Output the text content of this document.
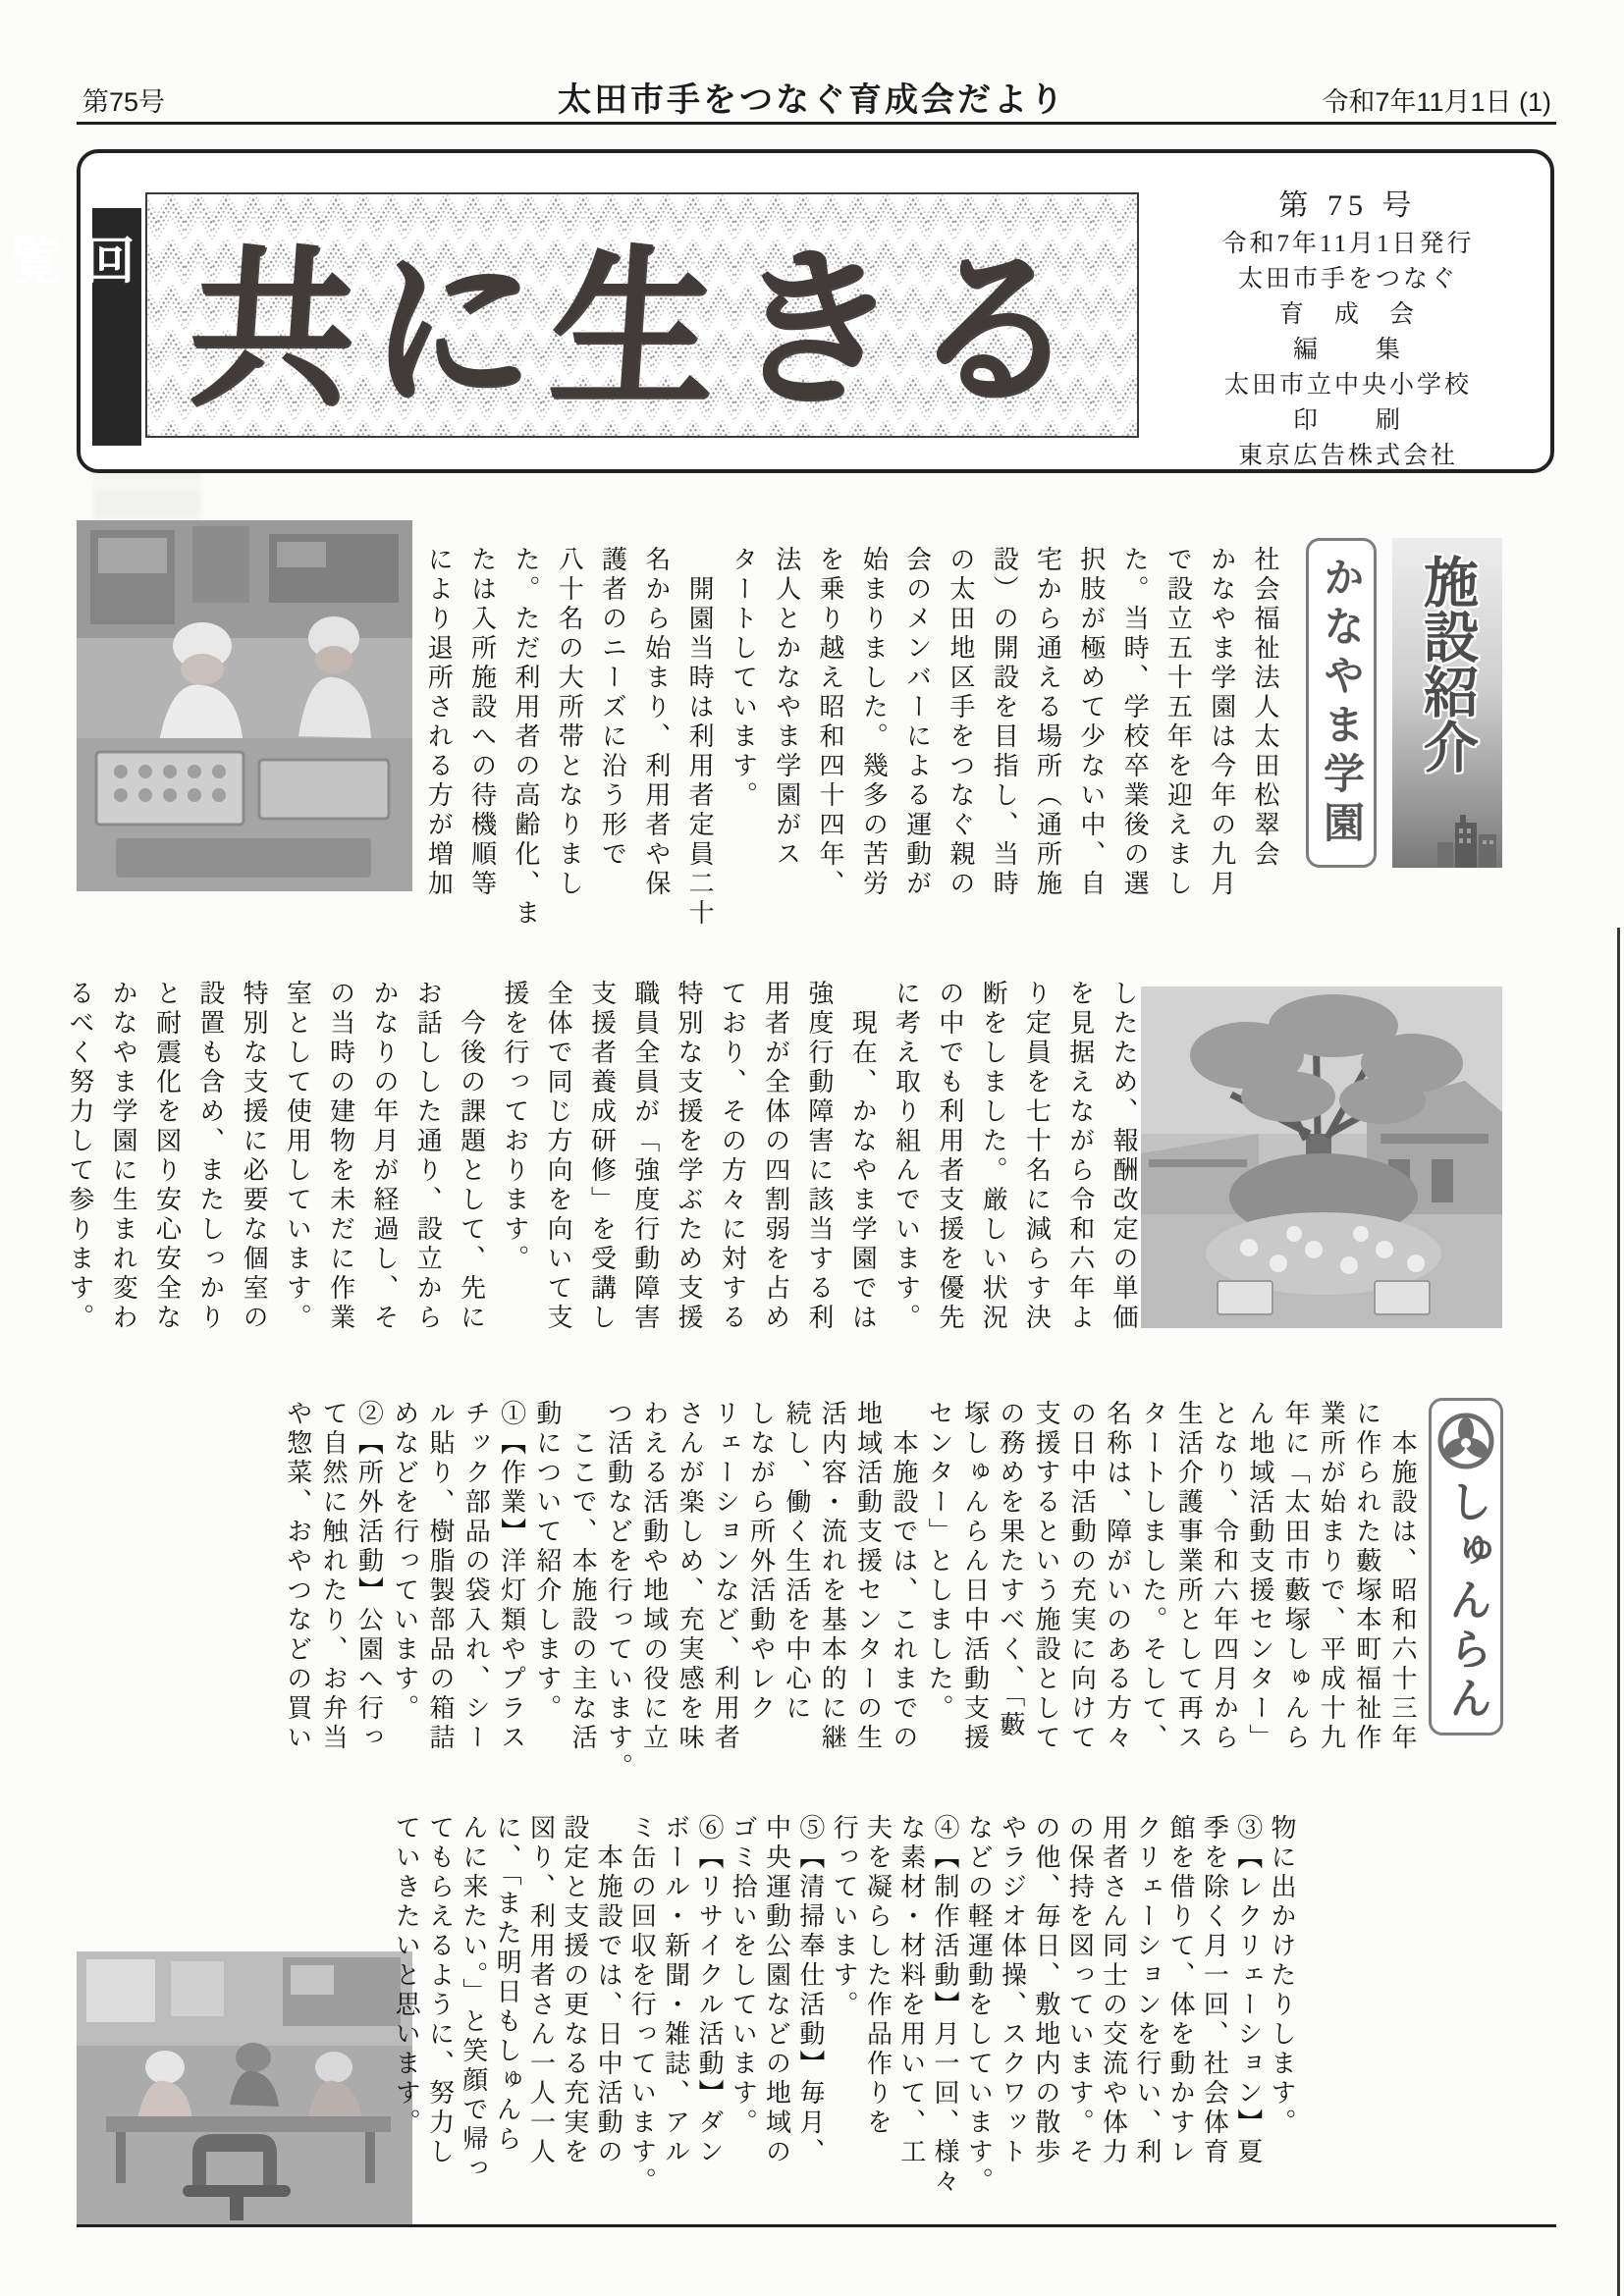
第75号	太田市手をつなぐ育成会だより	令和7年11月1日 (1)
回覧 共に生きる
第 75 号
令和7年11月1日発行
太田市手をつなぐ
育　成　会
編　　集
太田市立中央小学校
印　　刷
東京広告株式会社
施設紹介
かなやま学園
社会福祉法人太田松翠会
かなやま学園は今年の九月
で設立五十五年を迎えまし
た。当時、学校卒業後の選
択肢が極めて少ない中、自
宅から通える場所（通所施
設）の開設を目指し、当時
の太田地区手をつなぐ親の
会のメンバーによる運動が
始まりました。幾多の苦労
を乗り越え昭和四十四年、
法人とかなやま学園がス
タートしています。
　開園当時は利用者定員二十
名から始まり、利用者や保
護者のニーズに沿う形で
八十名の大所帯となりまし
た。ただ利用者の高齢化、ま
たは入所施設への待機順等
により退所される方が増加
したため、報酬改定の単価
を見据えながら令和六年よ
り定員を七十名に減らす決
断をしました。厳しい状況
の中でも利用者支援を優先
に考え取り組んでいます。
　現在、かなやま学園では
強度行動障害に該当する利
用者が全体の四割弱を占め
ており、その方々に対する
特別な支援を学ぶため支援
職員全員が「強度行動障害
支援者養成研修」を受講し
全体で同じ方向を向いて支
援を行っております。
　今後の課題として、先に
お話しした通り、設立から
かなりの年月が経過し、そ
の当時の建物を未だに作業
室として使用しています。
特別な支援に必要な個室の
設置も含め、またしっかり
と耐震化を図り安心安全な
かなやま学園に生まれ変わ
るべく努力して参ります。
しゅんらん
　本施設は、昭和六十三年
に作られた藪塚本町福祉作
業所が始まりで、平成十九
年に「太田市藪塚しゅんら
ん地域活動支援センター」
となり、令和六年四月から
生活介護事業所として再ス
タートしました。そして、
名称は、障がいのある方々
の日中活動の充実に向けて
支援するという施設として
の務めを果たすべく、「藪
塚しゅんらん日中活動支援
センター」としました。
　本施設では、これまでの
地域活動支援センターの生
活内容・流れを基本的に継
続し、働く生活を中心に
しながら所外活動やレク
リェーションなど、利用者
さんが楽しめ、充実感を味
わえる活動や地域の役に立
つ活動などを行っています。
　ここで、本施設の主な活
動について紹介します。
①【作業】洋灯類やプラス
チック部品の袋入れ、シー
ル貼り、樹脂製部品の箱詰
めなどを行っています。
②【所外活動】公園へ行っ
て自然に触れたり、お弁当
や惣菜、おやつなどの買い
物に出かけたりします。
③【レクリェーション】夏
季を除く月一回、社会体育
館を借りて、体を動かすレ
クリェーションを行い、利
用者さん同士の交流や体力
の保持を図っています。そ
の他、毎日、敷地内の散歩
やラジオ体操、スクワット
などの軽運動をしています。
④【制作活動】月一回、様々
な素材・材料を用いて、工
夫を凝らした作品作りを
行っています。
⑤【清掃奉仕活動】毎月、
中央運動公園などの地域の
ゴミ拾いをしています。
⑥【リサイクル活動】ダン
ボール・新聞・雑誌、アル
ミ缶の回収を行っています。
　本施設では、日中活動の
設定と支援の更なる充実を
図り、利用者さん一人一人
に、「また明日もしゅんら
んに来たい。」と笑顔で帰っ
てもらえるように、努力し
ていきたいと思います。
